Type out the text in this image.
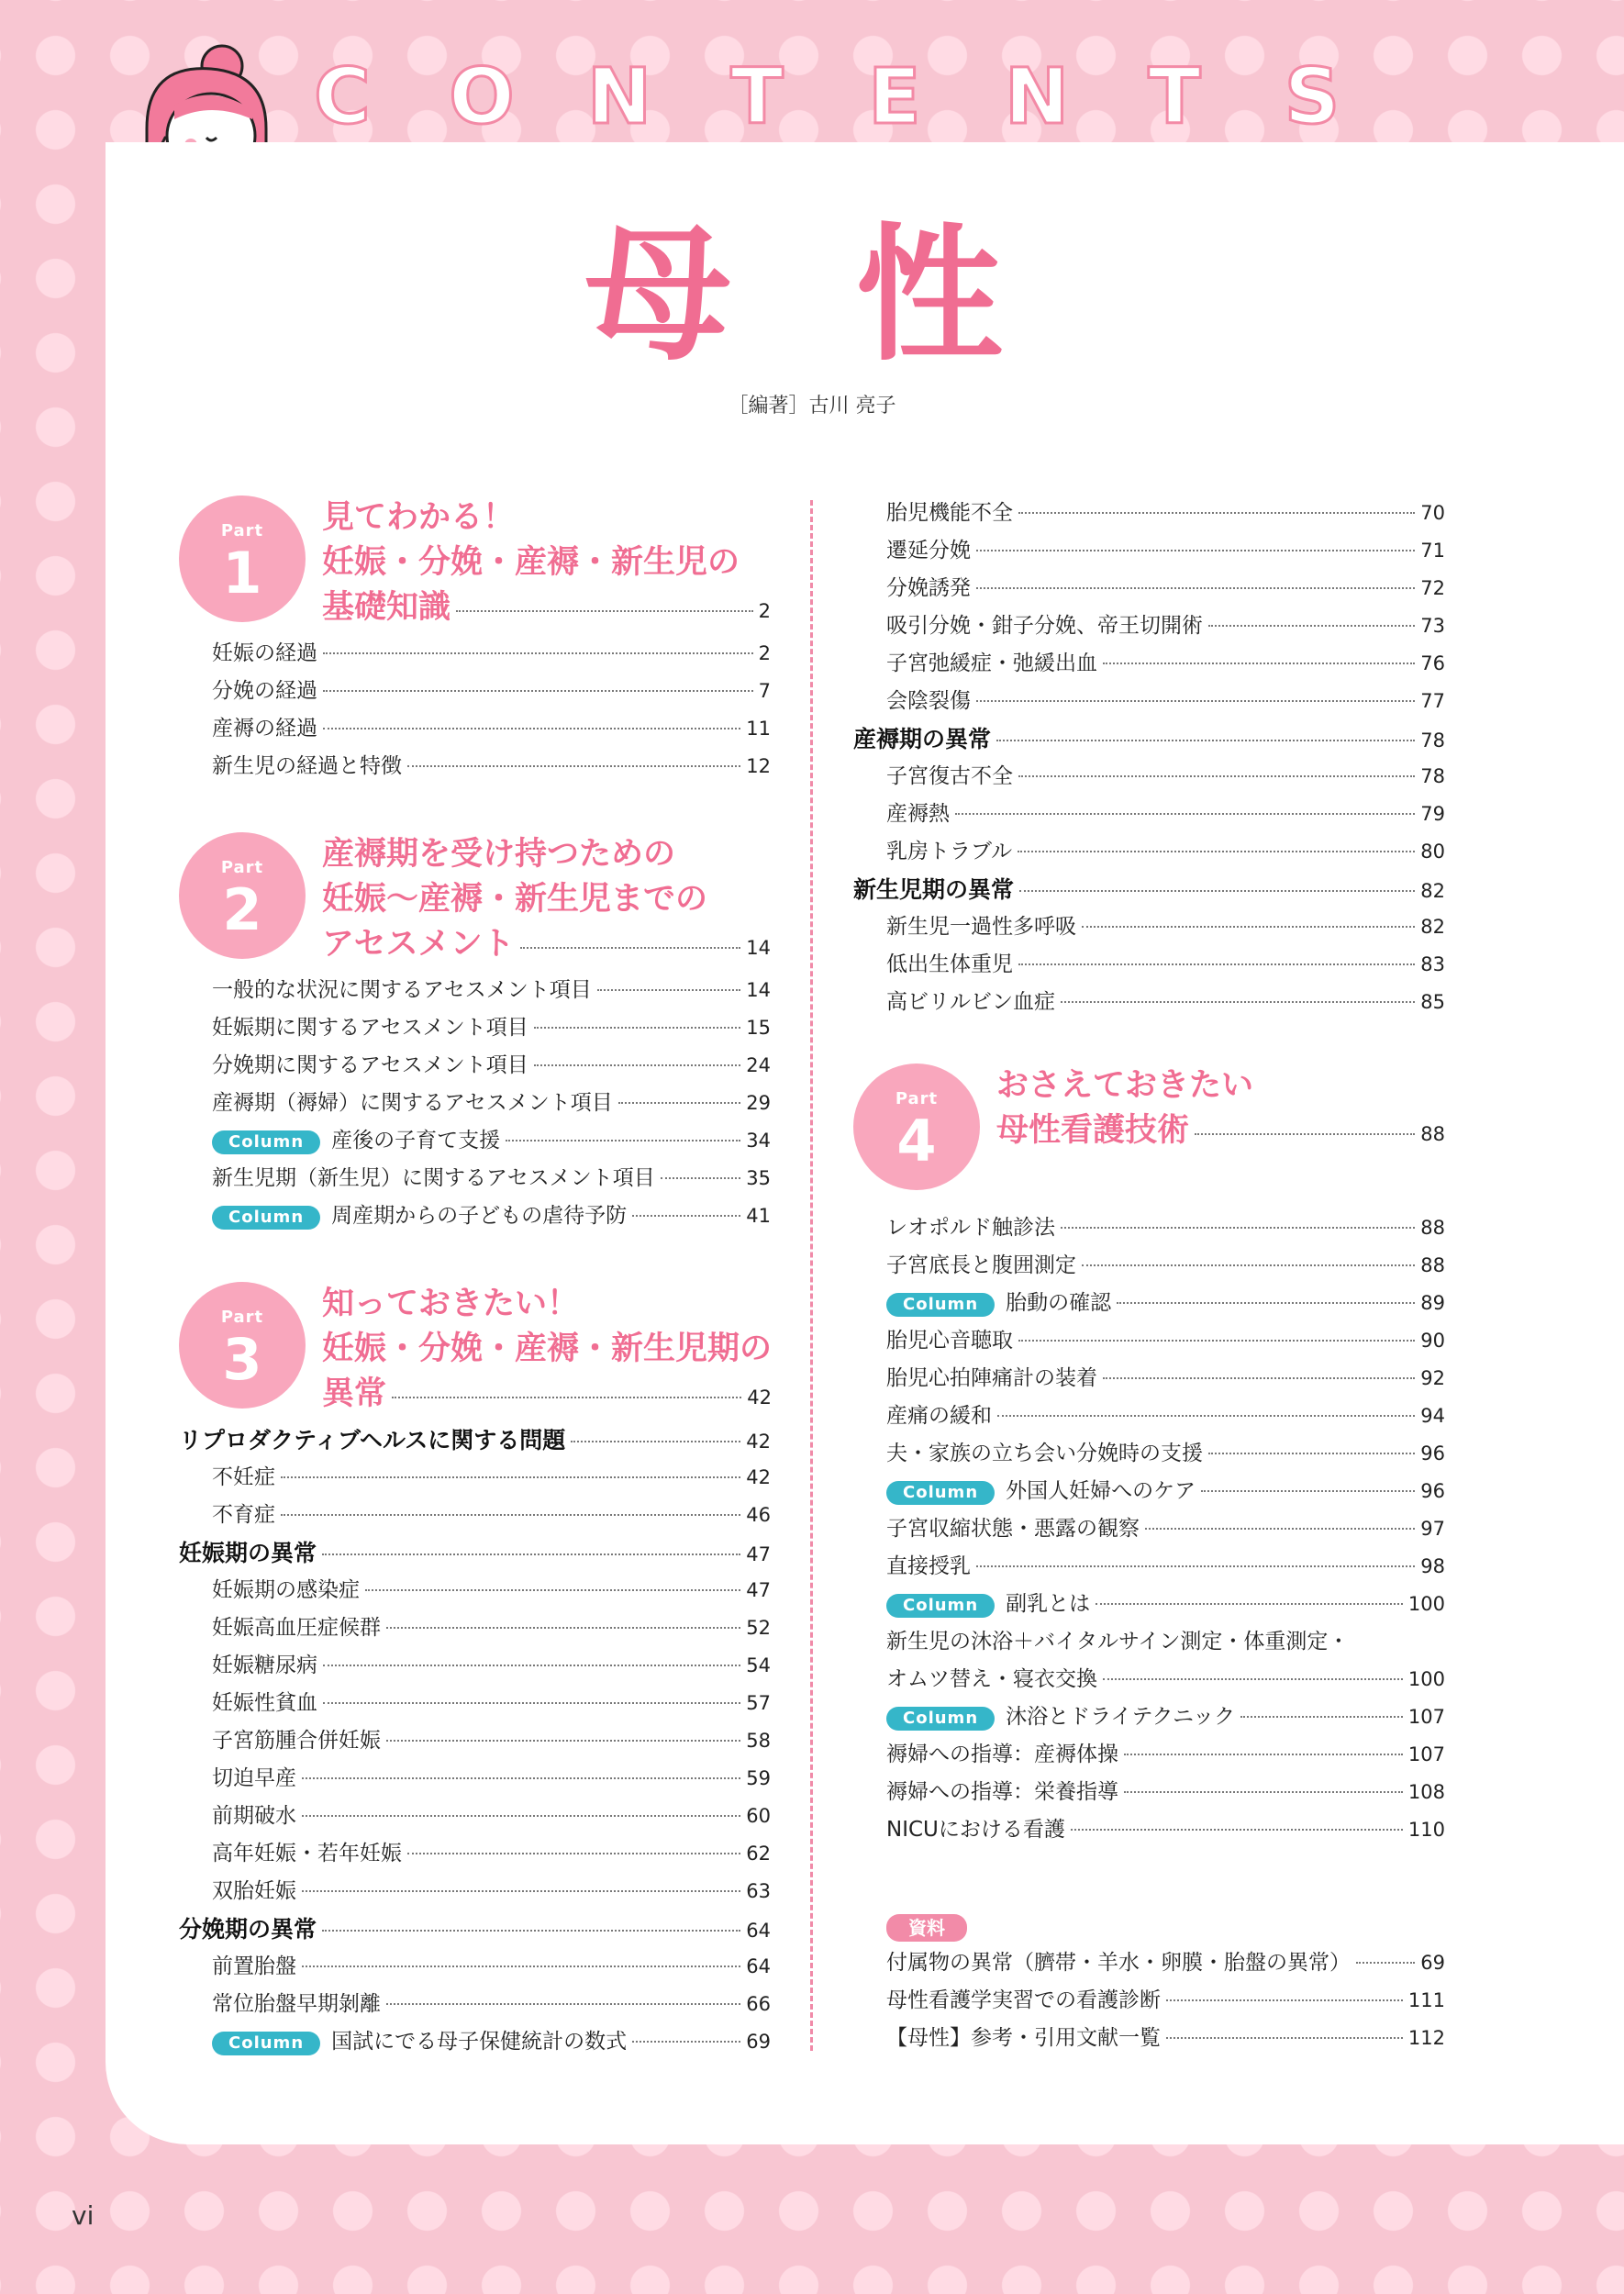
C O N T E N T S
母 性
［編著］古川 亮子
Part
1
見てわかる！
妊娠・分娩・産褥・新生児の
基礎知識	2
妊娠の経過	2
分娩の経過	7
産褥の経過	11
新生児の経過と特徴	12
Part
2
産褥期を受け持つための
妊娠～産褥・新生児までの
アセスメント	14
一般的な状況に関するアセスメント項目	14
妊娠期に関するアセスメント項目	15
分娩期に関するアセスメント項目	24
産褥期（褥婦）に関するアセスメント項目	29
Column	産後の子育て支援	34
新生児期（新生児）に関するアセスメント項目	35
Column	周産期からの子どもの虐待予防	41
Part
3
知っておきたい！
妊娠・分娩・産褥・新生児期の
異常	42
リプロダクティブヘルスに関する問題	42
不妊症	42
不育症	46
妊娠期の異常	47
妊娠期の感染症	47
妊娠高血圧症候群	52
妊娠糖尿病	54
妊娠性貧血	57
子宮筋腫合併妊娠	58
切迫早産	59
前期破水	60
高年妊娠・若年妊娠	62
双胎妊娠	63
分娩期の異常	64
前置胎盤	64
常位胎盤早期剝離	66
Column	国試にでる母子保健統計の数式	69
胎児機能不全	70
遷延分娩	71
分娩誘発	72
吸引分娩・鉗子分娩、帝王切開術	73
子宮弛緩症・弛緩出血	76
会陰裂傷	77
産褥期の異常	78
子宮復古不全	78
産褥熱	79
乳房トラブル	80
新生児期の異常	82
新生児一過性多呼吸	82
低出生体重児	83
高ビリルビン血症	85
Part
4
おさえておきたい
母性看護技術	88
レオポルド触診法	88
子宮底長と腹囲測定	88
Column	胎動の確認	89
胎児心音聴取	90
胎児心拍陣痛計の装着	92
産痛の緩和	94
夫・家族の立ち会い分娩時の支援	96
Column	外国人妊婦へのケア	96
子宮収縮状態・悪露の観察	97
直接授乳	98
Column	副乳とは	100
新生児の沐浴＋バイタルサイン測定・体重測定・
オムツ替え・寝衣交換	100
Column	沐浴とドライテクニック	107
褥婦への指導：産褥体操	107
褥婦への指導：栄養指導	108
NICUにおける看護	110
資料
付属物の異常（臍帯・羊水・卵膜・胎盤の異常）	69
母性看護学実習での看護診断	111
【母性】参考・引用文献一覧	112
vi
